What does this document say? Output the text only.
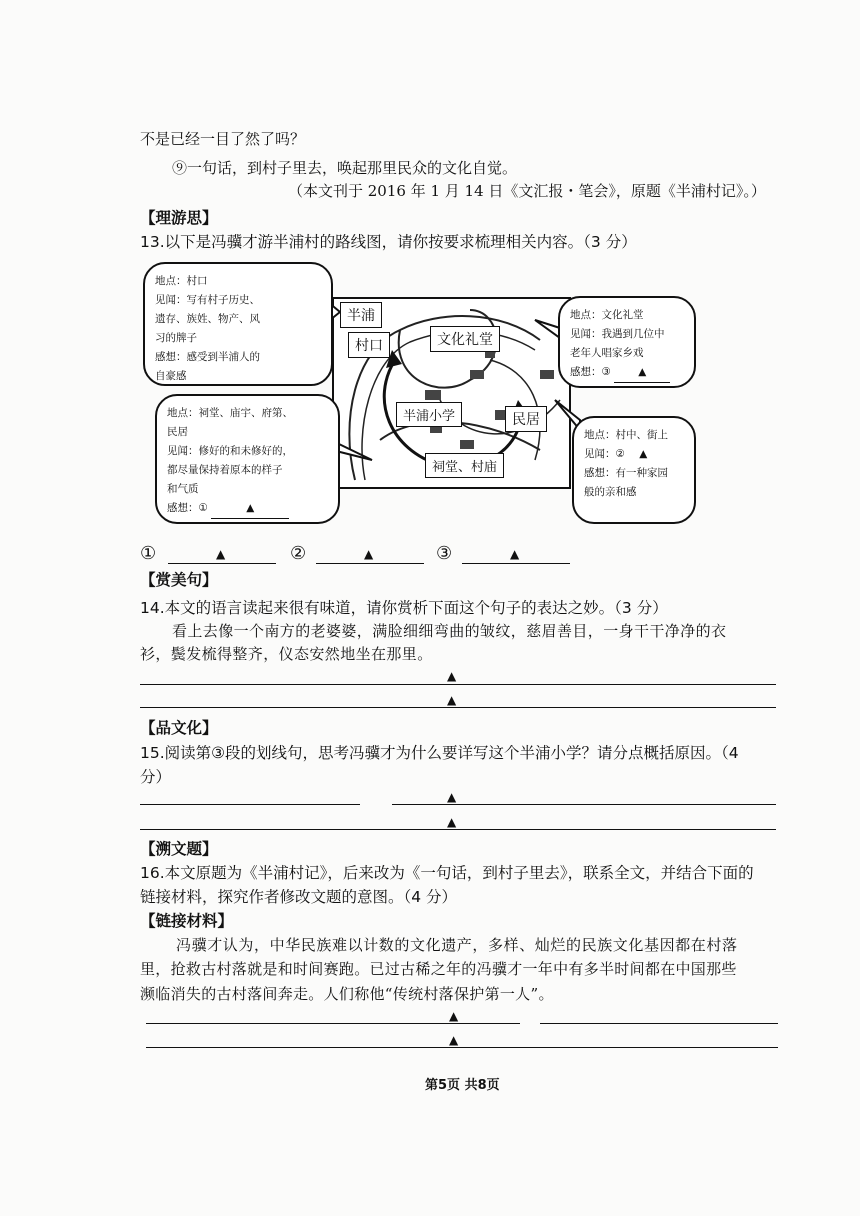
不是已经一目了然了吗？
⑨一句话，到村子里去，唤起那里民众的文化自觉。
（本文刊于 2016 年 1 月 14 日《文汇报・笔会》，原题《半浦村记》。）
【理游思】
13.以下是冯骥才游半浦村的路线图，请你按要求梳理相关内容。（3 分）
半浦
村口	文化礼堂
半浦小学	民居
祠堂、村庙
地点：村口
见闻：写有村子历史、
遗存、族姓、物产、风
习的牌子
感想：感受到半浦人的
自豪感
地点：祠堂、庙宇、府第、
民居
见闻：修好的和未修好的，
都尽量保持着原本的样子
和气质
感想：①	▲
地点：文化礼堂
见闻：我遇到几位中
老年人唱家乡戏
感想：③	▲
地点：村中、街上
见闻：② ▲
感想：有一种家园
般的亲和感
①	▲	②	▲	③	▲
【赏美句】
14.本文的语言读起来很有味道，请你赏析下面这个句子的表达之妙。（3 分）
看上去像一个南方的老婆婆，满脸细细弯曲的皱纹，慈眉善目，一身干干净净的衣
衫，鬓发梳得整齐，仪态安然地坐在那里。
▲
▲
【品文化】
15.阅读第③段的划线句，思考冯骥才为什么要详写这个半浦小学？请分点概括原因。（4
分）
▲
▲
【溯文题】
16.本文原题为《半浦村记》，后来改为《一句话，到村子里去》，联系全文，并结合下面的
链接材料，探究作者修改文题的意图。（4 分）
【链接材料】
冯骥才认为，中华民族难以计数的文化遗产，多样、灿烂的民族文化基因都在村落
里，抢救古村落就是和时间赛跑。已过古稀之年的冯骥才一年中有多半时间都在中国那些
濒临消失的古村落间奔走。人们称他“传统村落保护第一人”。
▲
▲
第5页 共8页
